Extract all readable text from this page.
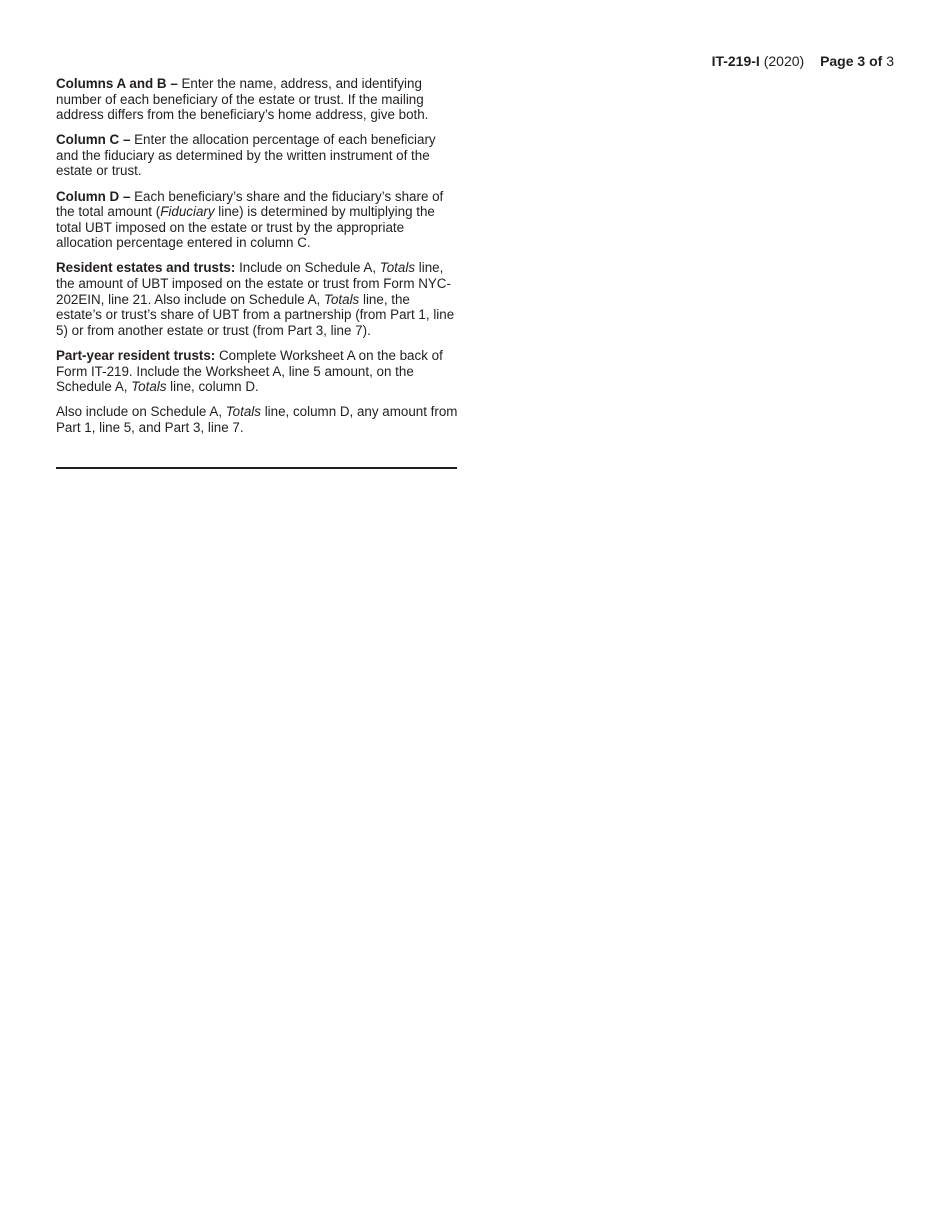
IT-219-I (2020) Page 3 of 3

Columns A and B – Enter the name, address, and identifying number of each beneficiary of the estate or trust. If the mailing address differs from the beneficiary’s home address, give both.

Column C – Enter the allocation percentage of each beneficiary and the fiduciary as determined by the written instrument of the estate or trust.

Column D – Each beneficiary’s share and the fiduciary’s share of the total amount (Fiduciary line) is determined by multiplying the total UBT imposed on the estate or trust by the appropriate allocation percentage entered in column C.

Resident estates and trusts: Include on Schedule A, Totals line, the amount of UBT imposed on the estate or trust from Form NYC-202EIN, line 21. Also include on Schedule A, Totals line, the estate’s or trust’s share of UBT from a partnership (from Part 1, line 5) or from another estate or trust (from Part 3, line 7).

Part-year resident trusts: Complete Worksheet A on the back of Form IT-219. Include the Worksheet A, line 5 amount, on the Schedule A, Totals line, column D.

Also include on Schedule A, Totals line, column D, any amount from Part 1, line 5, and Part 3, line 7.
